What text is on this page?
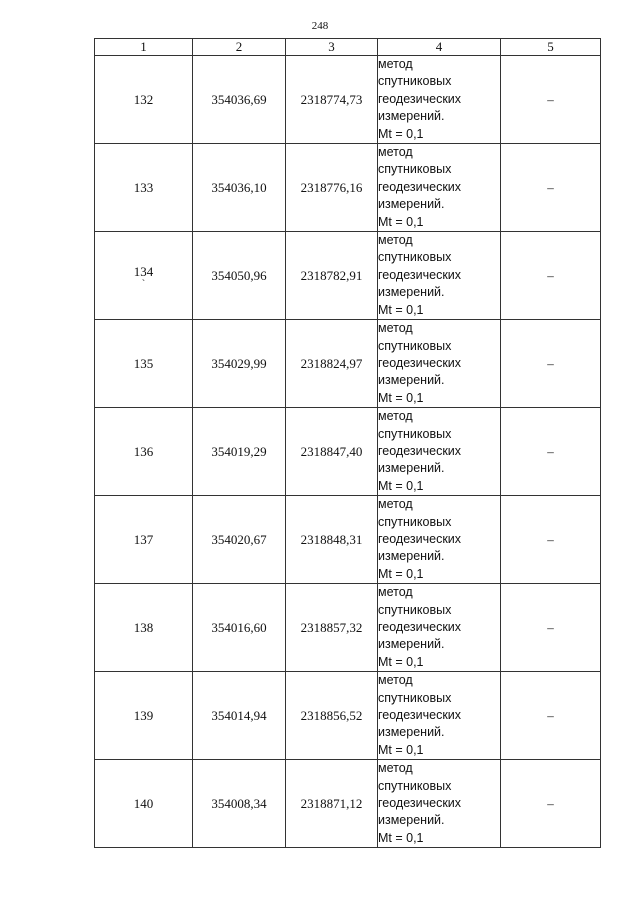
248
1	2	3	4	5
132	354036,69	2318774,73	метод
спутниковых
геодезических
измерений.
Mt = 0,1	–
133	354036,10	2318776,16	метод
спутниковых
геодезических
измерений.
Mt = 0,1	–
134
`	354050,96	2318782,91	метод
спутниковых
геодезических
измерений.
Mt = 0,1	–
135	354029,99	2318824,97	метод
спутниковых
геодезических
измерений.
Mt = 0,1	–
136	354019,29	2318847,40	метод
спутниковых
геодезических
измерений.
Mt = 0,1	–
137	354020,67	2318848,31	метод
спутниковых
геодезических
измерений.
Mt = 0,1	–
138	354016,60	2318857,32	метод
спутниковых
геодезических
измерений.
Mt = 0,1	–
139	354014,94	2318856,52	метод
спутниковых
геодезических
измерений.
Mt = 0,1	–
140	354008,34	2318871,12	метод
спутниковых
геодезических
измерений.
Mt = 0,1	–
